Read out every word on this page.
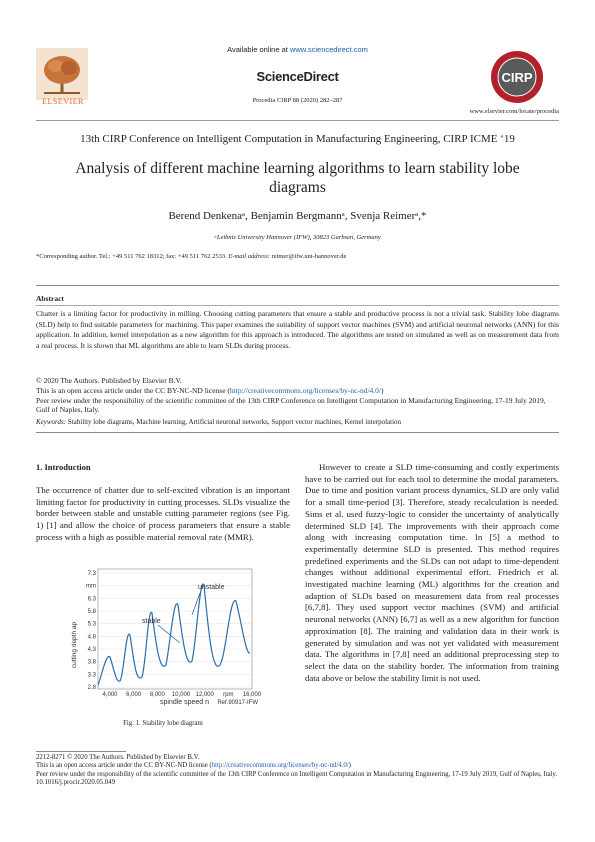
ELSEVIER
Available online at www.sciencedirect.com
ScienceDirect
Procedia CIRP 88 (2020) 282–287
www.elsevier.com/locate/procedia
CIRP
13th CIRP Conference on Intelligent Computation in Manufacturing Engineering, CIRP ICME ‘19
Analysis of different machine learning algorithms to learn stability lobe diagrams
Berend Denkenaᵃ, Benjamin Bergmannᵃ, Svenja Reimerᵃ,*
ᵃLeibniz University Hannover (IFW), 30823 Garbsen, Germany
*Corresponding author. Tel.: +49 511 762 18312; fax: +49 511 762 2533. E-mail address: reimer@ifw.uni-hannover.de
Abstract
Chatter is a limiting factor for productivity in milling. Choosing cutting parameters that ensure a stable and productive process is not a trivial task. Stability lobe diagrams (SLD) help to find suitable parameters for machining. This paper examines the suitability of support vector machines (SVM) and artificial neuronal networks (ANN) for this application. In addition, kernel interpolation as a new algorithm for this approach is introduced. The algorithms are tested on simulated as well as on measurement data from a real process. It is shown that ML algorithms are able to learn SLDs during process.
© 2020 The Authors. Published by Elsevier B.V.
This is an open access article under the CC BY-NC-ND license (http://creativecommons.org/licenses/by-nc-nd/4.0/)
Peer review under the responsibility of the scientific committee of the 13th CIRP Conference on Intelligent Computation in Manufacturing Engineering, 17-19 July 2019, Gulf of Naples, Italy.
Keywords: Stability lobe diagrams, Machine learning, Artificial neuronal networks, Support vector machines, Kernel interpolation
1. Introduction

The occurrence of chatter due to self-excited vibration is an important limiting factor for productivity in cutting processes. SLDs visualize the border between stable and unstable cutting parameter regions (see Fig. 1) [1] and allow the choice of process parameters that ensure a stable process with a high as possible material removal rate (MMR).

cutting depth ap
7.3
mm
6.3
5.8
5.3
4.8
4.3
3.8
3.3
2.8
4,000 6,000 8,000 10,000 12,000 rpm 16,000
stable
unstable
spindle speed n Ref.90917-IFW
Fig. 1. Stability lobe diagram

However to create a SLD time-consuming and costly experiments have to be carried out for each tool to determine the modal parameters. Due to time and position variant process dynamics, SLD are only valid for a small time-period [3]. Therefore, steady recalculation is needed. Sims et al. used fuzzy-logic to consider the uncertainty of analytically determined SLD [4]. The improvements with their approach come along with increasing computation time. In [5] a method to experimentally determine SLD is presented. This method requires predefined experiments and the SLDs can not adapt to time-dependent changes without additional experimental effort. Friedrich et al. investigated machine learning (ML) algorithms for the creation and adaption of SLDs based on measurement data from real processes [6,7,8]. They used support vector machines (SVM) and artificial neuronal networks (ANN) [6,7] as well as a new algorithm for function approximation [8]. The training and validation data in their work is generated by simulation and was not yet validated with measurement data. The algorithms in [7,8] need an additional preprocessing step to select the data on the stability border. The information from training data above or below the stability limit is not used.

2212-8271 © 2020 The Authors. Published by Elsevier B.V.
This is an open access article under the CC BY-NC-ND license (http://creativecommons.org/licenses/by-nc-nd/4.0/)
Peer review under the responsibility of the scientific committee of the 13th CIRP Conference on Intelligent Computation in Manufacturing Engineering, 17-19 July 2019, Gulf of Naples, Italy.
10.1016/j.procir.2020.05.049
